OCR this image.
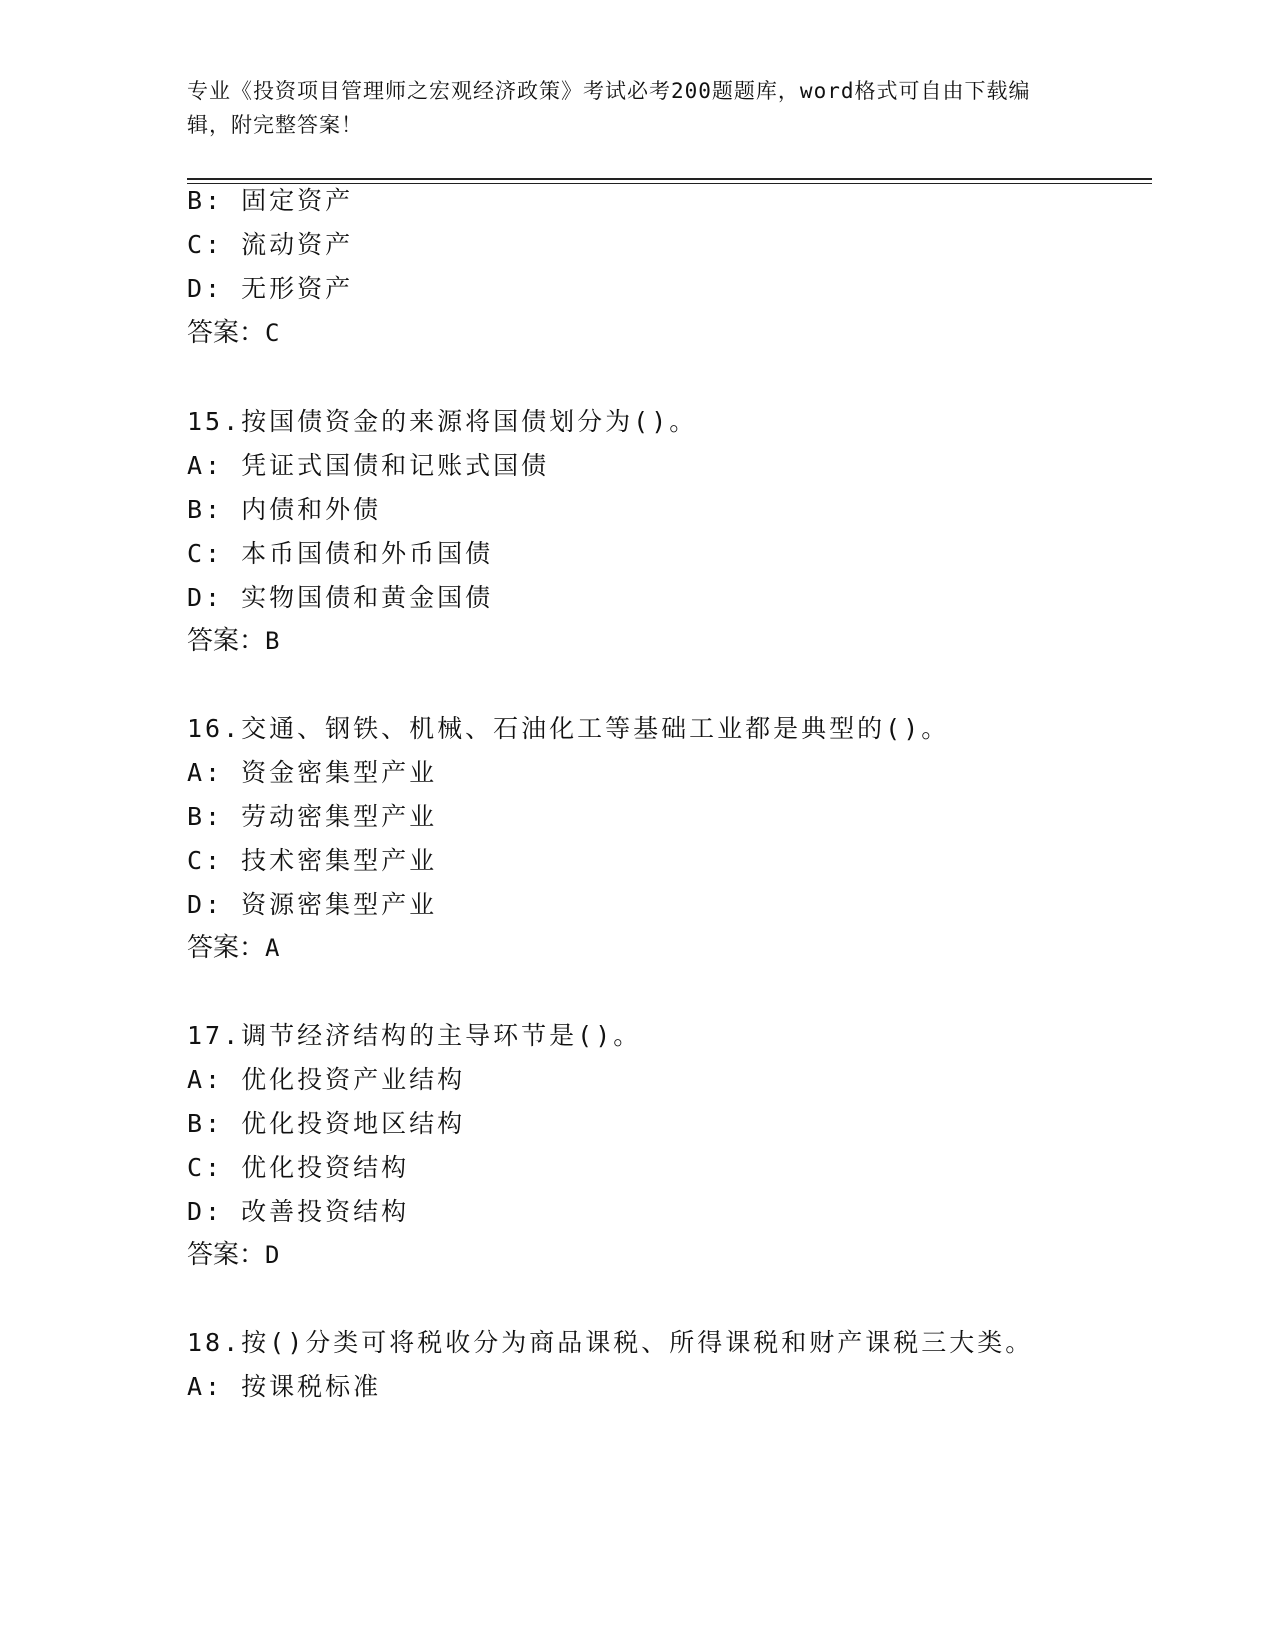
专业《投资项目管理师之宏观经济政策》考试必考200题题库，word格式可自由下载编辑，附完整答案！
B: 固定资产
C: 流动资产
D: 无形资产
答案：C
15.按国债资金的来源将国债划分为()。
A: 凭证式国债和记账式国债
B: 内债和外债
C: 本币国债和外币国债
D: 实物国债和黄金国债
答案：B
16.交通、钢铁、机械、石油化工等基础工业都是典型的()。
A: 资金密集型产业
B: 劳动密集型产业
C: 技术密集型产业
D: 资源密集型产业
答案：A
17.调节经济结构的主导环节是()。
A: 优化投资产业结构
B: 优化投资地区结构
C: 优化投资结构
D: 改善投资结构
答案：D
18.按()分类可将税收分为商品课税、所得课税和财产课税三大类。
A: 按课税标准
